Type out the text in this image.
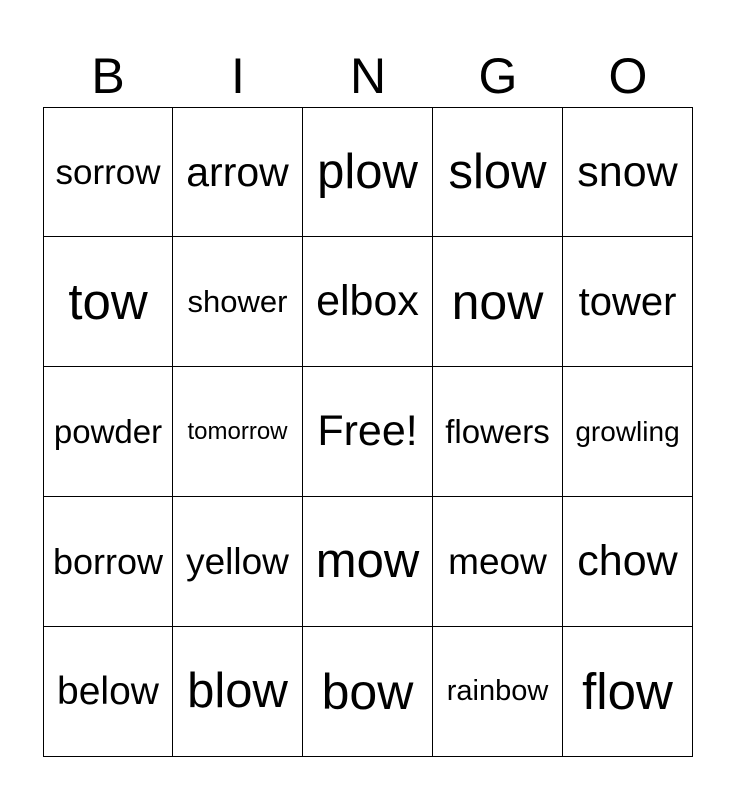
B	I	N	G	O
sorrow arrow plow slow snow
tow	shower elbox now tower
powder	tomorrow Free! flowers growling
borrow yellow mow meow chow
below blow bow	rainbow flow
